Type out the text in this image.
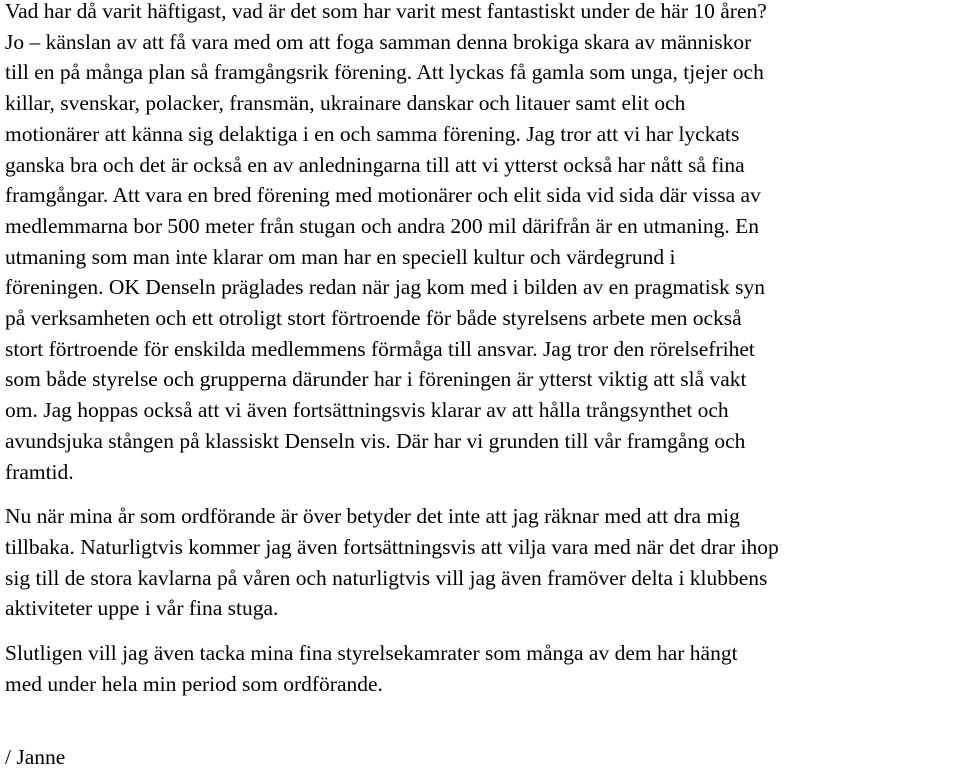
Vad har då varit häftigast, vad är det som har varit mest fantastiskt under de här 10 åren?
Jo – känslan av att få vara med om att foga samman denna brokiga skara av människor
till en på många plan så framgångsrik förening. Att lyckas få gamla som unga, tjejer och
killar, svenskar, polacker, fransmän, ukrainare danskar och litauer samt elit och
motionärer att känna sig delaktiga i en och samma förening. Jag tror att vi har lyckats
ganska bra och det är också en av anledningarna till att vi ytterst också har nått så fina
framgångar. Att vara en bred förening med motionärer och elit sida vid sida där vissa av
medlemmarna bor 500 meter från stugan och andra 200 mil därifrån är en utmaning. En
utmaning som man inte klarar om man har en speciell kultur och värdegrund i
föreningen. OK Denseln präglades redan när jag kom med i bilden av en pragmatisk syn
på verksamheten och ett otroligt stort förtroende för både styrelsens arbete men också
stort förtroende för enskilda medlemmens förmåga till ansvar. Jag tror den rörelsefrihet
som både styrelse och grupperna därunder har i föreningen är ytterst viktig att slå vakt
om. Jag hoppas också att vi även fortsättningsvis klarar av att hålla trångsynthet och
avundsjuka stången på klassiskt Denseln vis. Där har vi grunden till vår framgång och
framtid.
Nu när mina år som ordförande är över betyder det inte att jag räknar med att dra mig
tillbaka. Naturligtvis kommer jag även fortsättningsvis att vilja vara med när det drar ihop
sig till de stora kavlarna på våren och naturligtvis vill jag även framöver delta i klubbens
aktiviteter uppe i vår fina stuga.
Slutligen vill jag även tacka mina fina styrelsekamrater som många av dem har hängt
med under hela min period som ordförande.
/ Janne
